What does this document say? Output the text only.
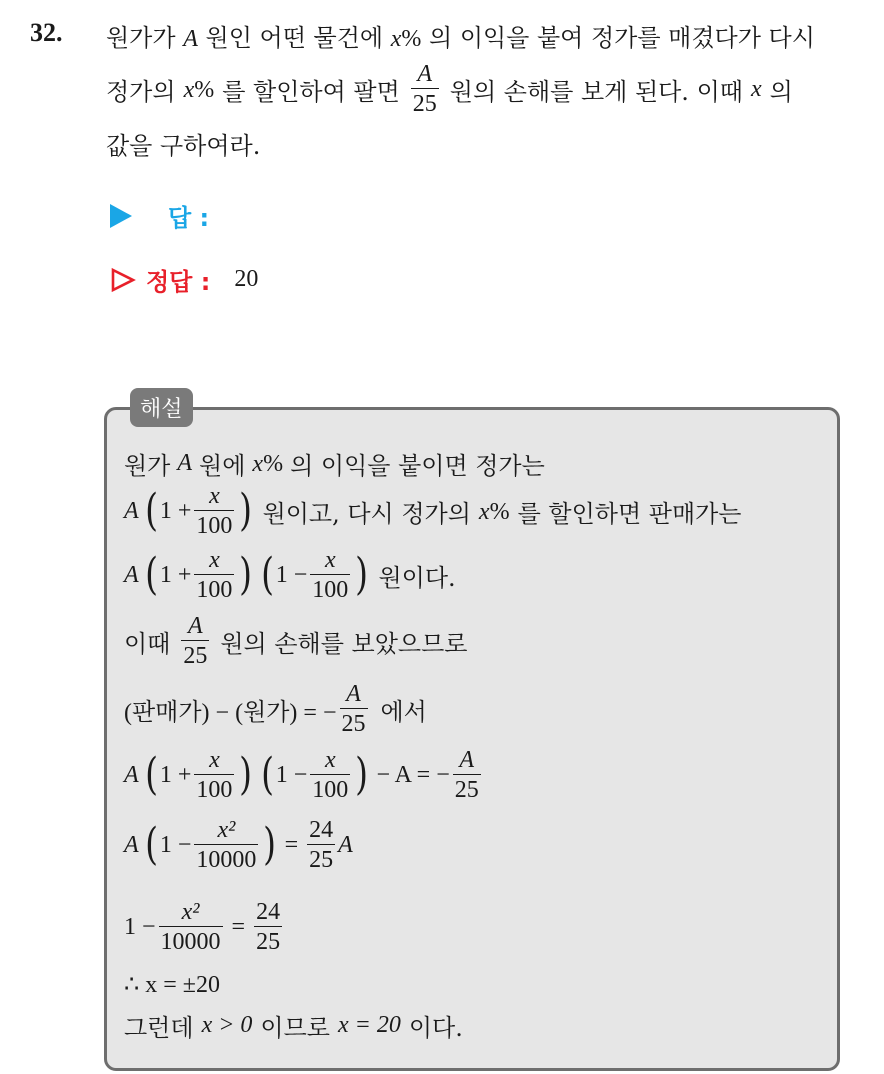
32. 원가가 A 원인 어떤 물건에 x% 의 이익을 붙여 정가를 매겼다가 다시
정가의 x% 를 할인하여 팔면 $\frac{A}{25}$ 원의 손해를 보게 된다. 이때 x 의
값을 구하여라.
답 :
정답 : 20
해설
원가 A 원에 x% 의 이익을 붙이면 정가는
A ( $1 + \frac{x}{100}$ ) 원이고, 다시 정가의 x% 를 할인하면 판매가는
A ( $1 + \frac{x}{100}$ ) ( $1 - \frac{x}{100}$ ) 원이다.
이때 $\frac{A}{25}$ 원의 손해를 보았으므로
(판매가) − (원가) = − $\frac{A}{25}$ 에서
A ( $1 + \frac{x}{100}$ ) ( $1 - \frac{x}{100}$ ) − A = − $\frac{A}{25}$
A ( $1 - \frac{\text{x²}}{10000}$ ) = $\frac{24}{25}$ A
$1 - \frac{\text{x²}}{10000} = \frac{24}{25}$
∴ x = ±20
그런데 x > 0 이므로 x = 20 이다.
